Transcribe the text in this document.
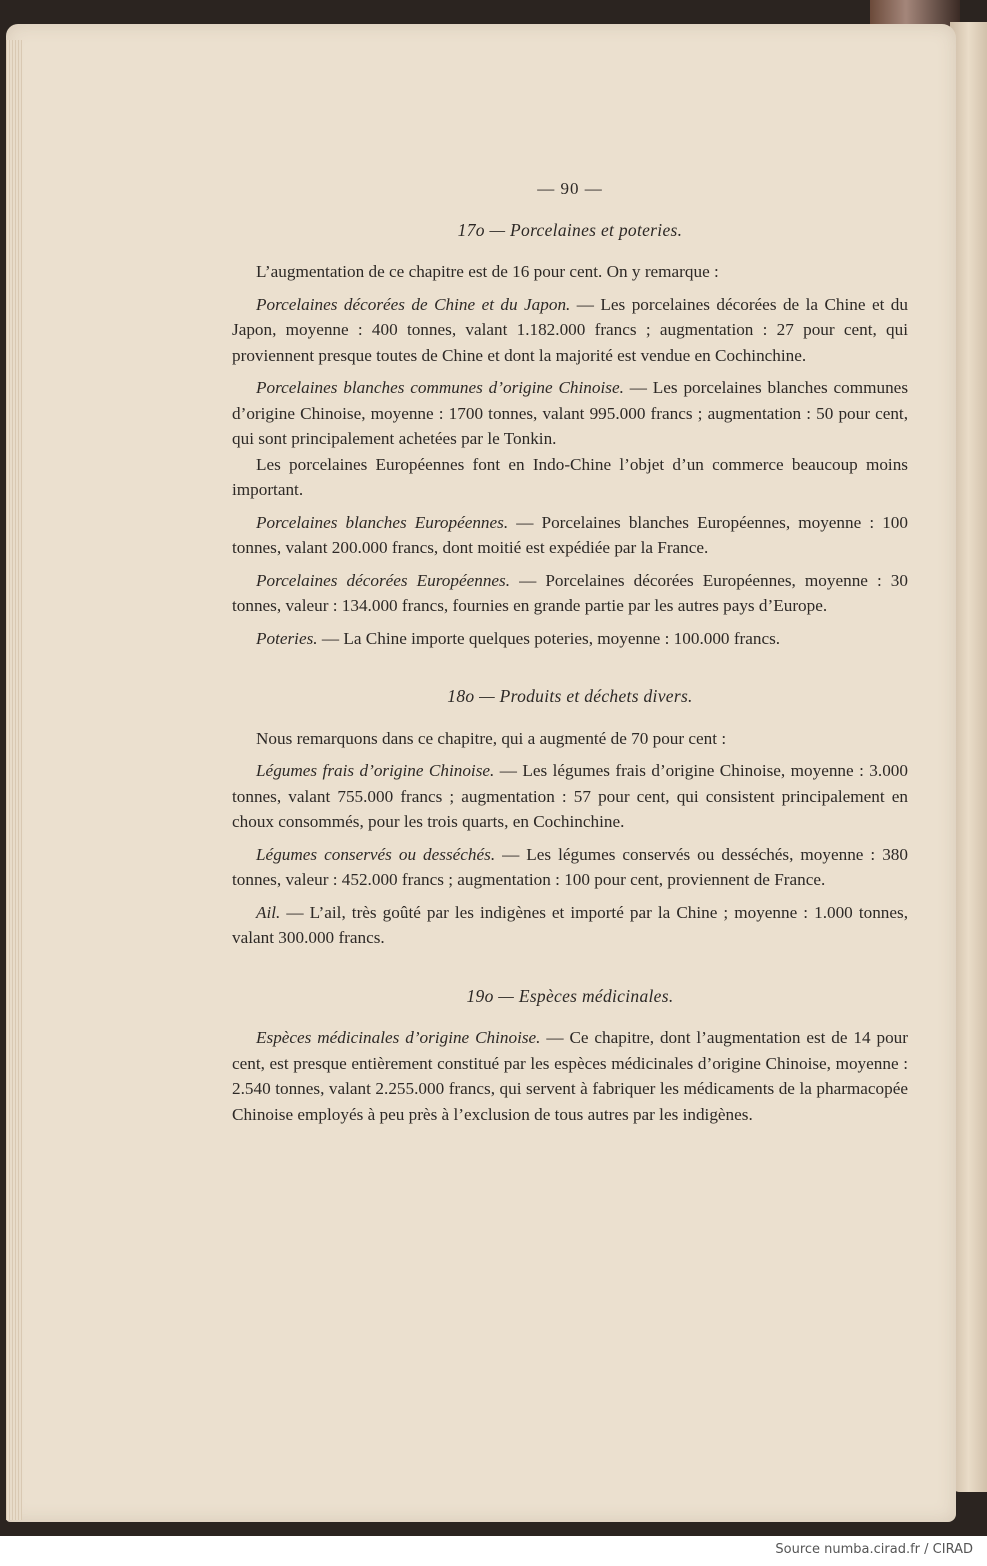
— 90 —
17o — Porcelaines et poteries.

L’augmentation de ce chapitre est de 16 pour cent. On y remarque :

Porcelaines décorées de Chine et du Japon. — Les porcelaines décorées de la Chine et du Japon, moyenne : 400 tonnes, valant 1.182.000 francs ; augmentation : 27 pour cent, qui proviennent presque toutes de Chine et dont la majorité est vendue en Cochinchine.

Porcelaines blanches communes d’origine Chinoise. — Les porcelaines blanches communes d’origine Chinoise, moyenne : 1700 tonnes, valant 995.000 francs ; augmentation : 50 pour cent, qui sont principalement achetées par le Tonkin.

Les porcelaines Européennes font en Indo-Chine l’objet d’un commerce beaucoup moins important.

Porcelaines blanches Européennes. — Porcelaines blanches Européennes, moyenne : 100 tonnes, valant 200.000 francs, dont moitié est expédiée par la France.

Porcelaines décorées Européennes. — Porcelaines décorées Européennes, moyenne : 30 tonnes, valeur : 134.000 francs, fournies en grande partie par les autres pays d’Europe.

Poteries. — La Chine importe quelques poteries, moyenne : 100.000 francs.

18o — Produits et déchets divers.

Nous remarquons dans ce chapitre, qui a augmenté de 70 pour cent :

Légumes frais d’origine Chinoise. — Les légumes frais d’origine Chinoise, moyenne : 3.000 tonnes, valant 755.000 francs ; augmentation : 57 pour cent, qui consistent principalement en choux consommés, pour les trois quarts, en Cochinchine.

Légumes conservés ou desséchés. — Les légumes conservés ou desséchés, moyenne : 380 tonnes, valeur : 452.000 francs ; augmentation : 100 pour cent, proviennent de France.

Ail. — L’ail, très goûté par les indigènes et importé par la Chine ; moyenne : 1.000 tonnes, valant 300.000 francs.

19o — Espèces médicinales.

Espèces médicinales d’origine Chinoise. — Ce chapitre, dont l’augmentation est de 14 pour cent, est presque entièrement constitué par les espèces médicinales d’origine Chinoise, moyenne : 2.540 tonnes, valant 2.255.000 francs, qui servent à fabriquer les médicaments de la pharmacopée Chinoise employés à peu près à l’exclusion de tous autres par les indigènes.

Source numba.cirad.fr / CIRAD
